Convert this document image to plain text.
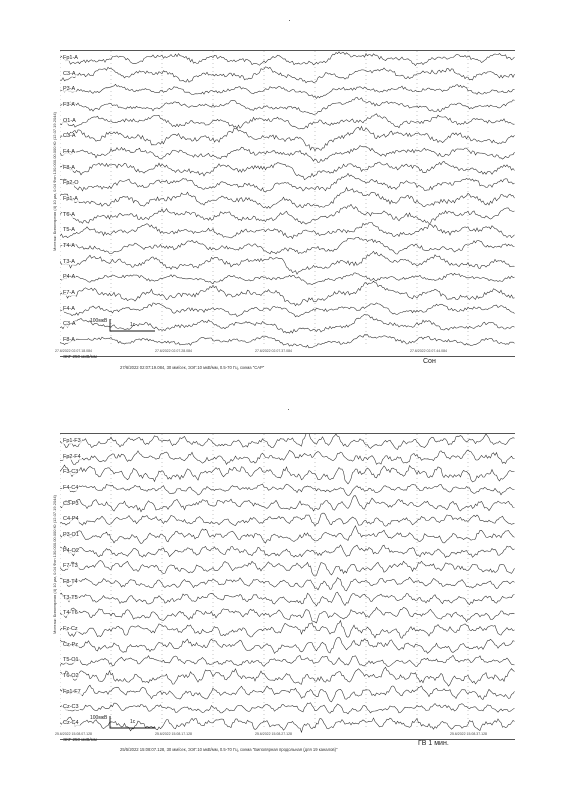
Монтаж: Биполярная (4) 10 µм, 0.04 Фон 130.000.00.000 Ю (12.07.19.2044)
Fp1-A
C3-A
P3-A
F3-A
O1-A
C3-A
F4-A
F8-A
Fp2-O
Fp1-A
T6-A
T5-A
T4-A
T3-A
P4-A
F7-A
F4-A
C3-A
F8-A
100мкВ
1с
27.6/2022 02.07.18.084	27.6/2022 02.07.28.084	27.6/2022 02.07.37.084	27.6/2022 02.07.44.084
ЭКГ 250 мкВ/мм
27/6/2022 02:07:19.084, 30 мм/сек, ЭЭГ:10 мкВ/мм, 0.5-70 Гц, схема "САР"
Сон
Монтаж: Биполярная (4) 10 µм, 0.04 Фон 130.000.00.000 Ю (12.07.19.2044)
Fp1-F3
Fp2-F4
F3-C3
F4-C4
C3-P3
C4-P4
P3-O1
P4-O2
F7-T3
F8-T4
T3-T5
T4-T6
Fz-Cz
Cz-Pz
T5-O1
T6-O2
Fp1-F7
Cz-C3
Cz-C4
100мкВ
1с
25.6/2022 15.08.07.128	25.6/2022 15.08.17.128	25.6/2022 15.08.27.128	25.6/2022 15.08.37.128
ЭКГ 250 мкВ/мм
25/5/2022 15:08:07.128, 30 мм/сек, ЭЭГ:10 мкВ/мм, 0.5-70 Гц, схема "Биполярная продольная (для 19 каналов)"
ГВ 1 мин.
